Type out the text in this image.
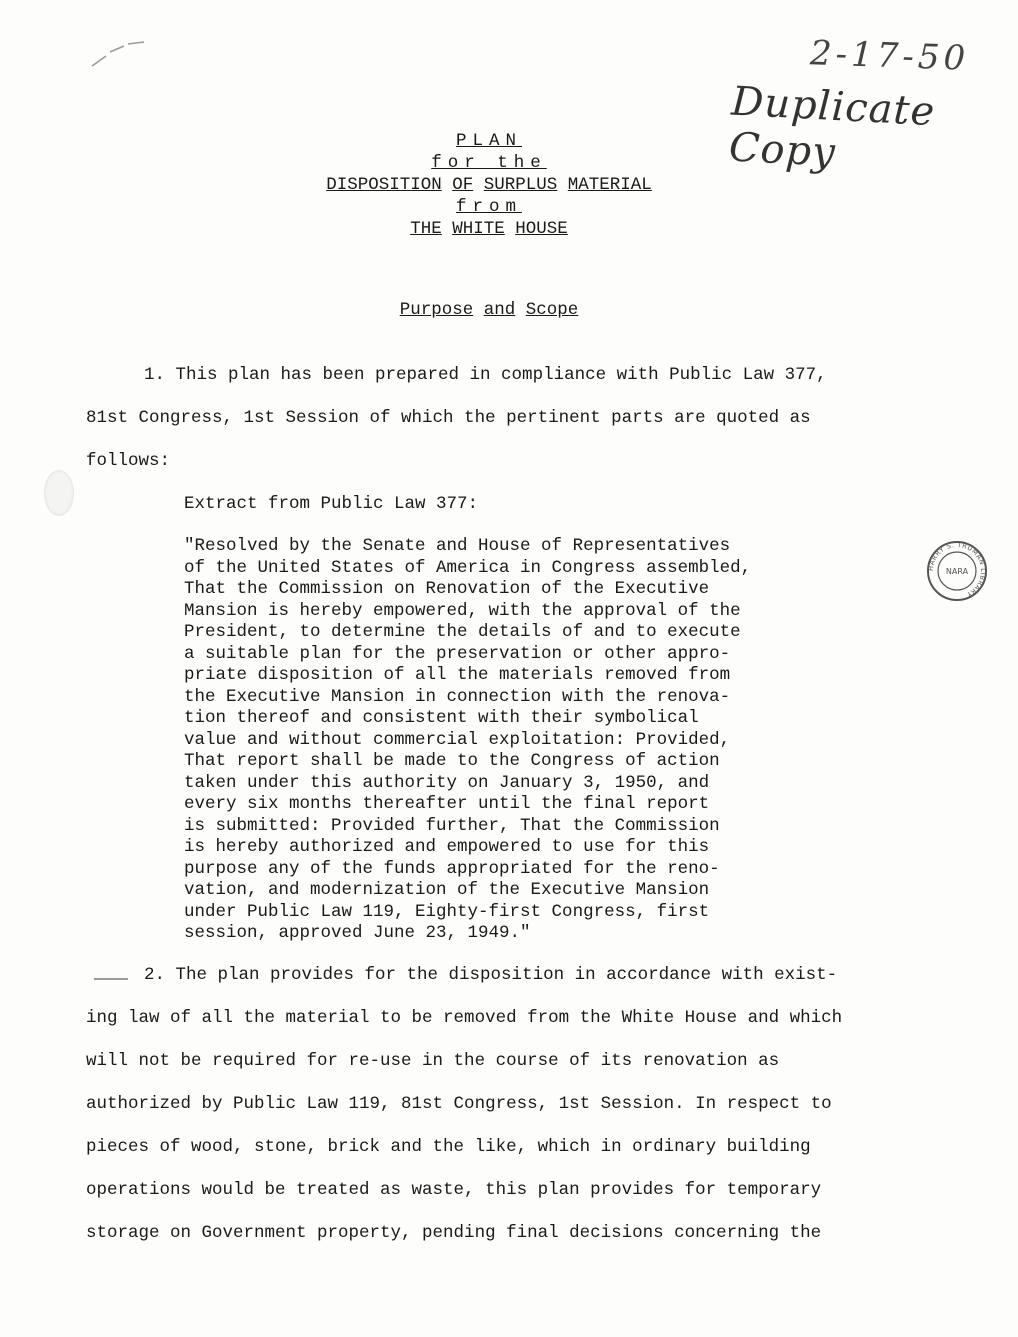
2-17-50
Duplicate Copy
PLAN
for the
DISPOSITION OF SURPLUS MATERIAL
from
THE WHITE HOUSE
Purpose and Scope
1. This plan has been prepared in compliance with Public Law 377, 81st Congress, 1st Session of which the pertinent parts are quoted as follows:
Extract from Public Law 377:
"Resolved by the Senate and House of Representatives
of the United States of America in Congress assembled,
That the Commission on Renovation of the Executive
Mansion is hereby empowered, with the approval of the
President, to determine the details of and to execute
a suitable plan for the preservation or other appro-
priate disposition of all the materials removed from
the Executive Mansion in connection with the renova-
tion thereof and consistent with their symbolical
value and without commercial exploitation: Provided,
That report shall be made to the Congress of action
taken under this authority on January 3, 1950, and
every six months thereafter until the final report
is submitted: Provided further, That the Commission
is hereby authorized and empowered to use for this
purpose any of the funds appropriated for the reno-
vation, and modernization of the Executive Mansion
under Public Law 119, Eighty-first Congress, first
session, approved June 23, 1949."
HARRY S. TRUMAN LIBRARY
NARA
2. The plan provides for the disposition in accordance with exist- ing law of all the material to be removed from the White House and which will not be required for re-use in the course of its renovation as authorized by Public Law 119, 81st Congress, 1st Session. In respect to pieces of wood, stone, brick and the like, which in ordinary building operations would be treated as waste, this plan provides for temporary storage on Government property, pending final decisions concerning the
